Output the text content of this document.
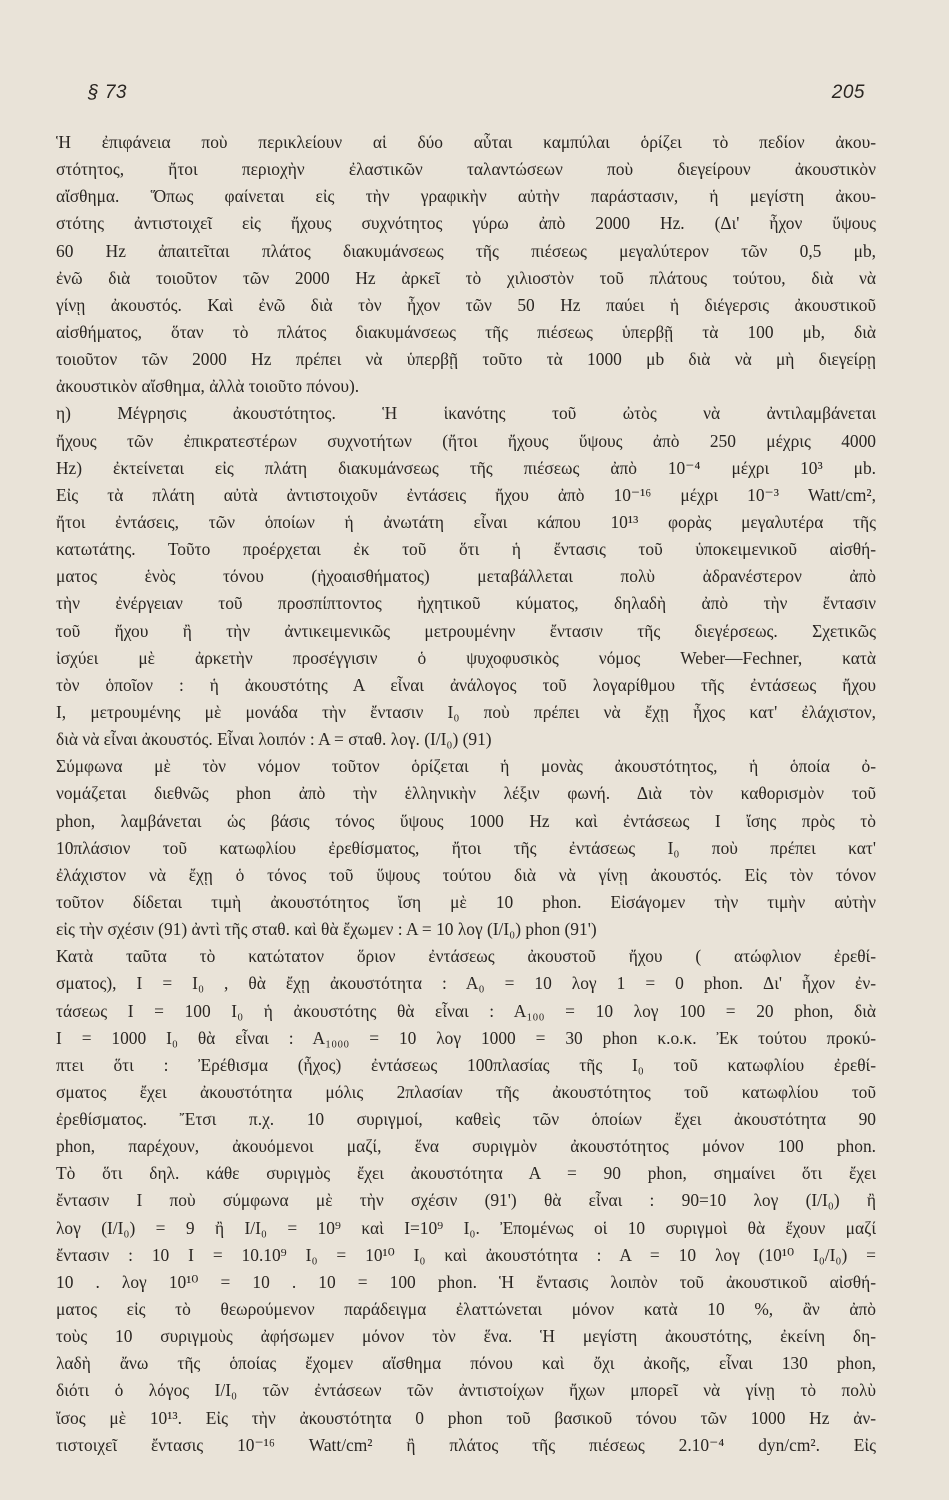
§ 73	205
Ἡ ἐπιφάνεια ποὺ περικλείουν αἱ δύο αὗται καμπύλαι ὁρίζει τὸ πεδίον ἀκου-
στότητος, ἤτοι περιοχὴν ἐλαστικῶν ταλαντώσεων ποὺ διεγείρουν ἀκουστικὸν
αἴσθημα. Ὅπως φαίνεται εἰς τὴν γραφικὴν αὐτὴν παράστασιν, ἡ μεγίστη ἀκου-
στότης ἀντιστοιχεῖ εἰς ἤχους συχνότητος γύρω ἀπὸ 2000 Hz. (Δι' ἦχον ὕψους
60 Hz ἀπαιτεῖται πλάτος διακυμάνσεως τῆς πιέσεως μεγαλύτερον τῶν 0,5 μb,
ἐνῶ διὰ τοιοῦτον τῶν 2000 Hz ἀρκεῖ τὸ χιλιοστὸν τοῦ πλάτους τούτου, διὰ νὰ
γίνῃ ἀκουστός. Καὶ ἐνῶ διὰ τὸν ἦχον τῶν 50 Hz παύει ἡ διέγερσις ἀκουστικοῦ
αἰσθήματος, ὅταν τὸ πλάτος διακυμάνσεως τῆς πιέσεως ὑπερβῇ τὰ 100 μb, διὰ
τοιοῦτον τῶν 2000 Hz πρέπει νὰ ὑπερβῇ τοῦτο τὰ 1000 μb διὰ νὰ μὴ διεγείρῃ
ἀκουστικὸν αἴσθημα, ἀλλὰ τοιοῦτο πόνου).
η) Μέγρησις ἀκουστότητος. Ἡ ἱκανότης τοῦ ὠτὸς νὰ ἀντιλαμβάνεται
ἤχους τῶν ἐπικρατεστέρων συχνοτήτων (ἤτοι ἤχους ὕψους ἀπὸ 250 μέχρις 4000
Hz) ἐκτείνεται εἰς πλάτη διακυμάνσεως τῆς πιέσεως ἀπὸ 10⁻⁴ μέχρι 10³ μb.
Εἰς τὰ πλάτη αὐτὰ ἀντιστοιχοῦν ἐντάσεις ἤχου ἀπὸ 10⁻¹⁶ μέχρι 10⁻³ Watt/cm²,
ἤτοι ἐντάσεις, τῶν ὁποίων ἡ ἀνωτάτη εἶναι κάπου 10¹³ φορὰς μεγαλυτέρα τῆς
κατωτάτης. Τοῦτο προέρχεται ἐκ τοῦ ὅτι ἡ ἔντασις τοῦ ὑποκειμενικοῦ αἰσθή-
ματος ἑνὸς τόνου (ἠχοαισθήματος) μεταβάλλεται πολὺ ἀδρανέστερον ἀπὸ
τὴν ἐνέργειαν τοῦ προσπίπτοντος ἠχητικοῦ κύματος, δηλαδὴ ἀπὸ τὴν ἔντασιν
τοῦ ἤχου ἢ τὴν ἀντικειμενικῶς μετρουμένην ἔντασιν τῆς διεγέρσεως. Σχετικῶς
ἰσχύει μὲ ἀρκετὴν προσέγγισιν ὁ ψυχοφυσικὸς νόμος Weber—Fechner, κατὰ
τὸν ὁποῖον : ἡ ἀκουστότης Α εἶναι ἀνάλογος τοῦ λογαρίθμου τῆς ἐντάσεως ἤχου
Ι, μετρουμένης μὲ μονάδα τὴν ἔντασιν Ι₀ ποὺ πρέπει νὰ ἔχῃ ἦχος κατ' ἐλάχιστον,
διὰ νὰ εἶναι ἀκουστός. Εἶναι λοιπόν : Α = σταθ. λογ. (Ι/Ι₀) (91)
Σύμφωνα μὲ τὸν νόμον τοῦτον ὁρίζεται ἡ μονὰς ἀκουστότητος, ἡ ὁποία ὀ-
νομάζεται διεθνῶς phon ἀπὸ τὴν ἑλληνικὴν λέξιν φωνή. Διὰ τὸν καθορισμὸν τοῦ
phon, λαμβάνεται ὡς βάσις τόνος ὕψους 1000 Hz καὶ ἐντάσεως Ι ἴσης πρὸς τὸ
10πλάσιον τοῦ κατωφλίου ἐρεθίσματος, ἤτοι τῆς ἐντάσεως Ι₀ ποὺ πρέπει κατ'
ἐλάχιστον νὰ ἔχῃ ὁ τόνος τοῦ ὕψους τούτου διὰ νὰ γίνῃ ἀκουστός. Εἰς τὸν τόνον
τοῦτον δίδεται τιμὴ ἀκουστότητος ἴση μὲ 10 phon. Εἰσάγομεν τὴν τιμὴν αὐτὴν
εἰς τὴν σχέσιν (91) ἀντὶ τῆς σταθ. καὶ θὰ ἔχωμεν : Α = 10 λογ (Ι/Ι₀) phon (91')
Κατὰ ταῦτα τὸ κατώτατον ὅριον ἐντάσεως ἀκουστοῦ ἤχου ( ατώφλιον ἐρεθί-
σματος), Ι = Ι₀ , θὰ ἔχῃ ἀκουστότητα : Α₀ = 10 λογ 1 = 0 phon. Δι' ἦχον ἐν-
τάσεως Ι = 100 Ι₀ ἡ ἀκουστότης θὰ εἶναι : Α₁₀₀ = 10 λογ 100 = 20 phon, διὰ
Ι = 1000 Ι₀ θὰ εἶναι : Α₁₀₀₀ = 10 λογ 1000 = 30 phon κ.ο.κ. Ἐκ τούτου προκύ-
πτει ὅτι : Ἐρέθισμα (ἦχος) ἐντάσεως 100πλασίας τῆς Ι₀ τοῦ κατωφλίου ἐρεθί-
σματος ἔχει ἀκουστότητα μόλις 2πλασίαν τῆς ἀκουστότητος τοῦ κατωφλίου τοῦ
ἐρεθίσματος. Ἔτσι π.χ. 10 συριγμοί, καθεὶς τῶν ὁποίων ἔχει ἀκουστότητα 90
phon, παρέχουν, ἀκουόμενοι μαζί, ἕνα συριγμὸν ἀκουστότητος μόνον 100 phon.
Τὸ ὅτι δηλ. κάθε συριγμὸς ἔχει ἀκουστότητα Α = 90 phon, σημαίνει ὅτι ἔχει
ἔντασιν Ι ποὺ σύμφωνα μὲ τὴν σχέσιν (91') θὰ εἶναι : 90=10 λογ (Ι/Ι₀) ἢ
λογ (Ι/Ι₀) = 9 ἢ Ι/Ι₀ = 10⁹ καὶ Ι=10⁹ Ι₀. Ἐπομένως οἱ 10 συριγμοὶ θὰ ἔχουν μαζί
ἔντασιν : 10 Ι = 10.10⁹ Ι₀ = 10¹⁰ Ι₀ καὶ ἀκουστότητα : Α = 10 λογ (10¹⁰ Ι₀/Ι₀) =
10 . λογ 10¹⁰ = 10 . 10 = 100 phon. Ἡ ἔντασις λοιπὸν τοῦ ἀκουστικοῦ αἰσθή-
ματος εἰς τὸ θεωρούμενον παράδειγμα ἐλαττώνεται μόνον κατὰ 10 %, ἂν ἀπὸ
τοὺς 10 συριγμοὺς ἀφήσωμεν μόνον τὸν ἕνα. Ἡ μεγίστη ἀκουστότης, ἐκείνη δη-
λαδὴ ἄνω τῆς ὁποίας ἔχομεν αἴσθημα πόνου καὶ ὄχι ἀκοῆς, εἶναι 130 phon,
διότι ὁ λόγος Ι/Ι₀ τῶν ἐντάσεων τῶν ἀντιστοίχων ἤχων μπορεῖ νὰ γίνῃ τὸ πολὺ
ἴσος μὲ 10¹³. Εἰς τὴν ἀκουστότητα 0 phon τοῦ βασικοῦ τόνου τῶν 1000 Hz ἀν-
τιστοιχεῖ ἔντασις 10⁻¹⁶ Watt/cm² ἢ πλάτος τῆς πιέσεως 2.10⁻⁴ dyn/cm². Εἰς
